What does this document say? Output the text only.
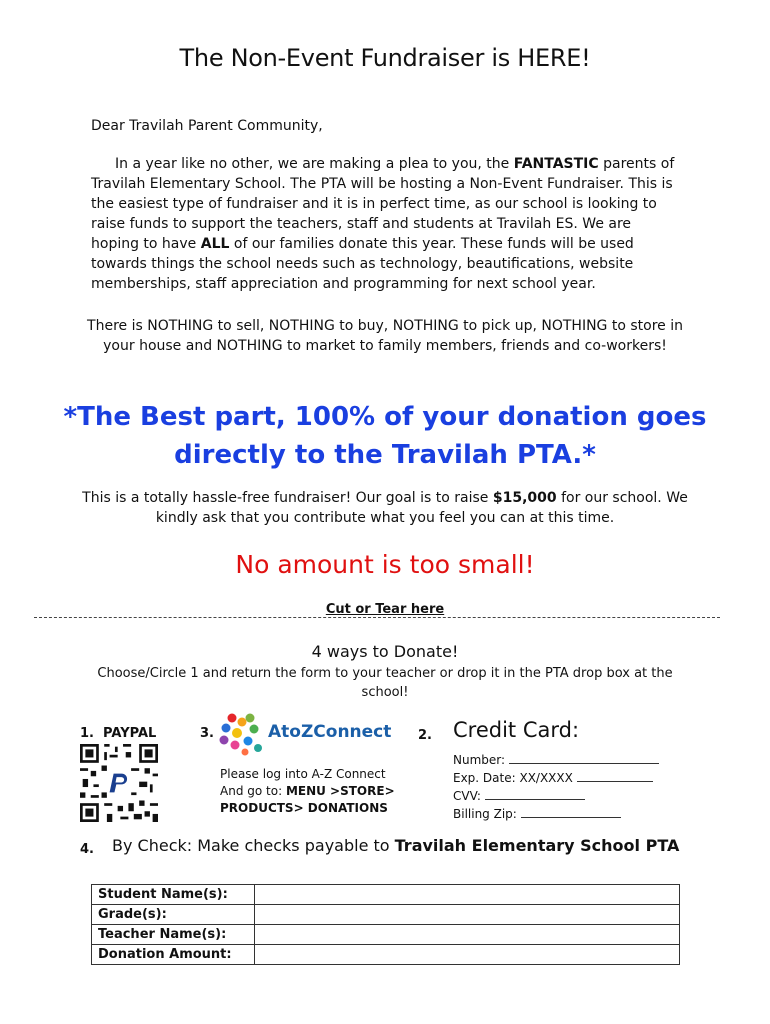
The Non-Event Fundraiser is HERE!
Dear Travilah Parent Community,
In a year like no other, we are making a plea to you, the FANTASTIC parents of Travilah Elementary School. The PTA will be hosting a Non-Event Fundraiser. This is the easiest type of fundraiser and it is in perfect time, as our school is looking to raise funds to support the teachers, staff and students at Travilah ES. We are hoping to have ALL of our families donate this year. These funds will be used towards things the school needs such as technology, beautifications, website memberships, staff appreciation and programming for next school year.
There is NOTHING to sell, NOTHING to buy, NOTHING to pick up, NOTHING to store in your house and NOTHING to market to family members, friends and co-workers!
*The Best part, 100% of your donation goes directly to the Travilah PTA.*
This is a totally hassle-free fundraiser! Our goal is to raise $15,000 for our school. We kindly ask that you contribute what you feel you can at this time.
No amount is too small!
Cut or Tear here
4 ways to Donate!
Choose/Circle 1 and return the form to your teacher or drop it in the PTA drop box at the school!
1. PAYPAL	3.	AtoZConnect
Please log into A-Z Connect
And go to: MENU >STORE>
PRODUCTS> DONATIONS
2. Credit Card:
Number:
Exp. Date: XX/XXXX
CVV:
Billing Zip:
4. By Check: Make checks payable to Travilah Elementary School PTA
Student Name(s):	
Grade(s):	
Teacher Name(s):	
Donation Amount:	
